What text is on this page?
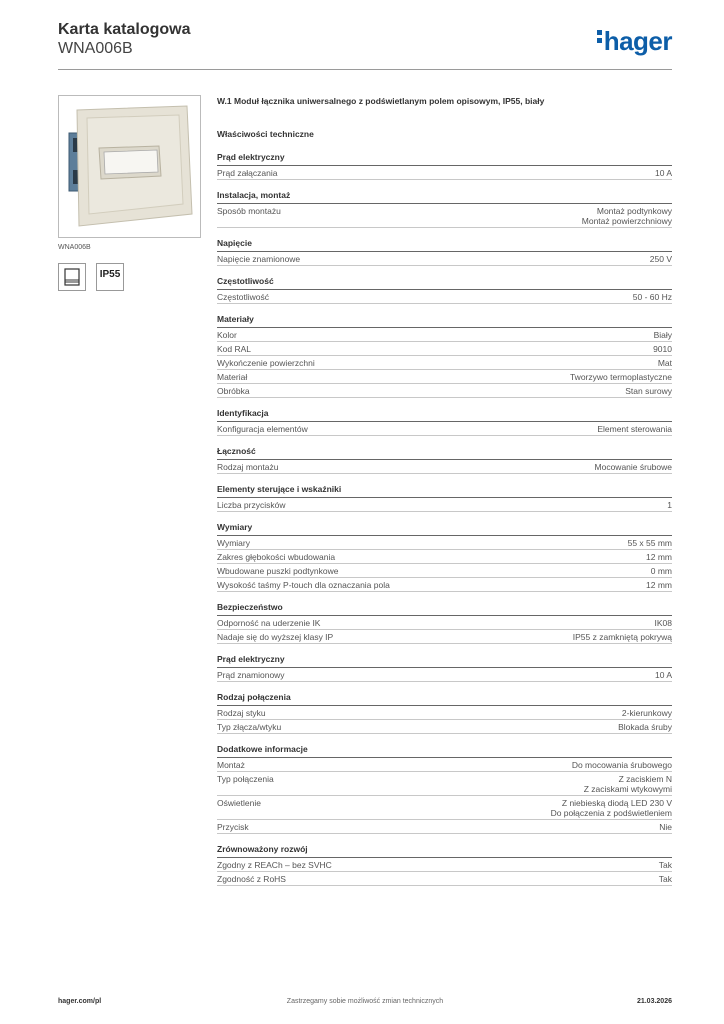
Karta katalogowa
WNA006B	hager
WNA006B
IP55
W.1 Moduł łącznika uniwersalnego z podświetlanym polem opisowym, IP55, biały
Właściwości techniczne
Prąd elektryczny
Prąd załączania	10 A
Instalacja, montaż
Sposób montażu	Montaż podtynkowy
Montaż powierzchniowy
Napięcie
Napięcie znamionowe	250 V
Częstotliwość
Częstotliwość	50 - 60 Hz
Materiały
Kolor	Biały
Kod RAL	9010
Wykończenie powierzchni	Mat
Materiał	Tworzywo termoplastyczne
Obróbka	Stan surowy
Identyfikacja
Konfiguracja elementów	Element sterowania
Łączność
Rodzaj montażu	Mocowanie śrubowe
Elementy sterujące i wskaźniki
Liczba przycisków	1
Wymiary
Wymiary	55 x 55 mm
Zakres głębokości wbudowania	12 mm
Wbudowane puszki podtynkowe	0 mm
Wysokość taśmy P-touch dla oznaczania pola	12 mm
Bezpieczeństwo
Odporność na uderzenie IK	IK08
Nadaje się do wyższej klasy IP	IP55 z zamkniętą pokrywą
Prąd elektryczny
Prąd znamionowy	10 A
Rodzaj połączenia
Rodzaj styku	2-kierunkowy
Typ złącza/wtyku	Blokada śruby
Dodatkowe informacje
Montaż	Do mocowania śrubowego
Typ połączenia	Z zaciskiem N
Z zaciskami wtykowymi
Oświetlenie	Z niebieską diodą LED 230 V
Do połączenia z podświetleniem
Przycisk	Nie
Zrównoważony rozwój
Zgodny z REACh – bez SVHC	Tak
Zgodność z RoHS	Tak
hager.com/pl	Zastrzegamy sobie możliwość zmian technicznych	21.03.2026
